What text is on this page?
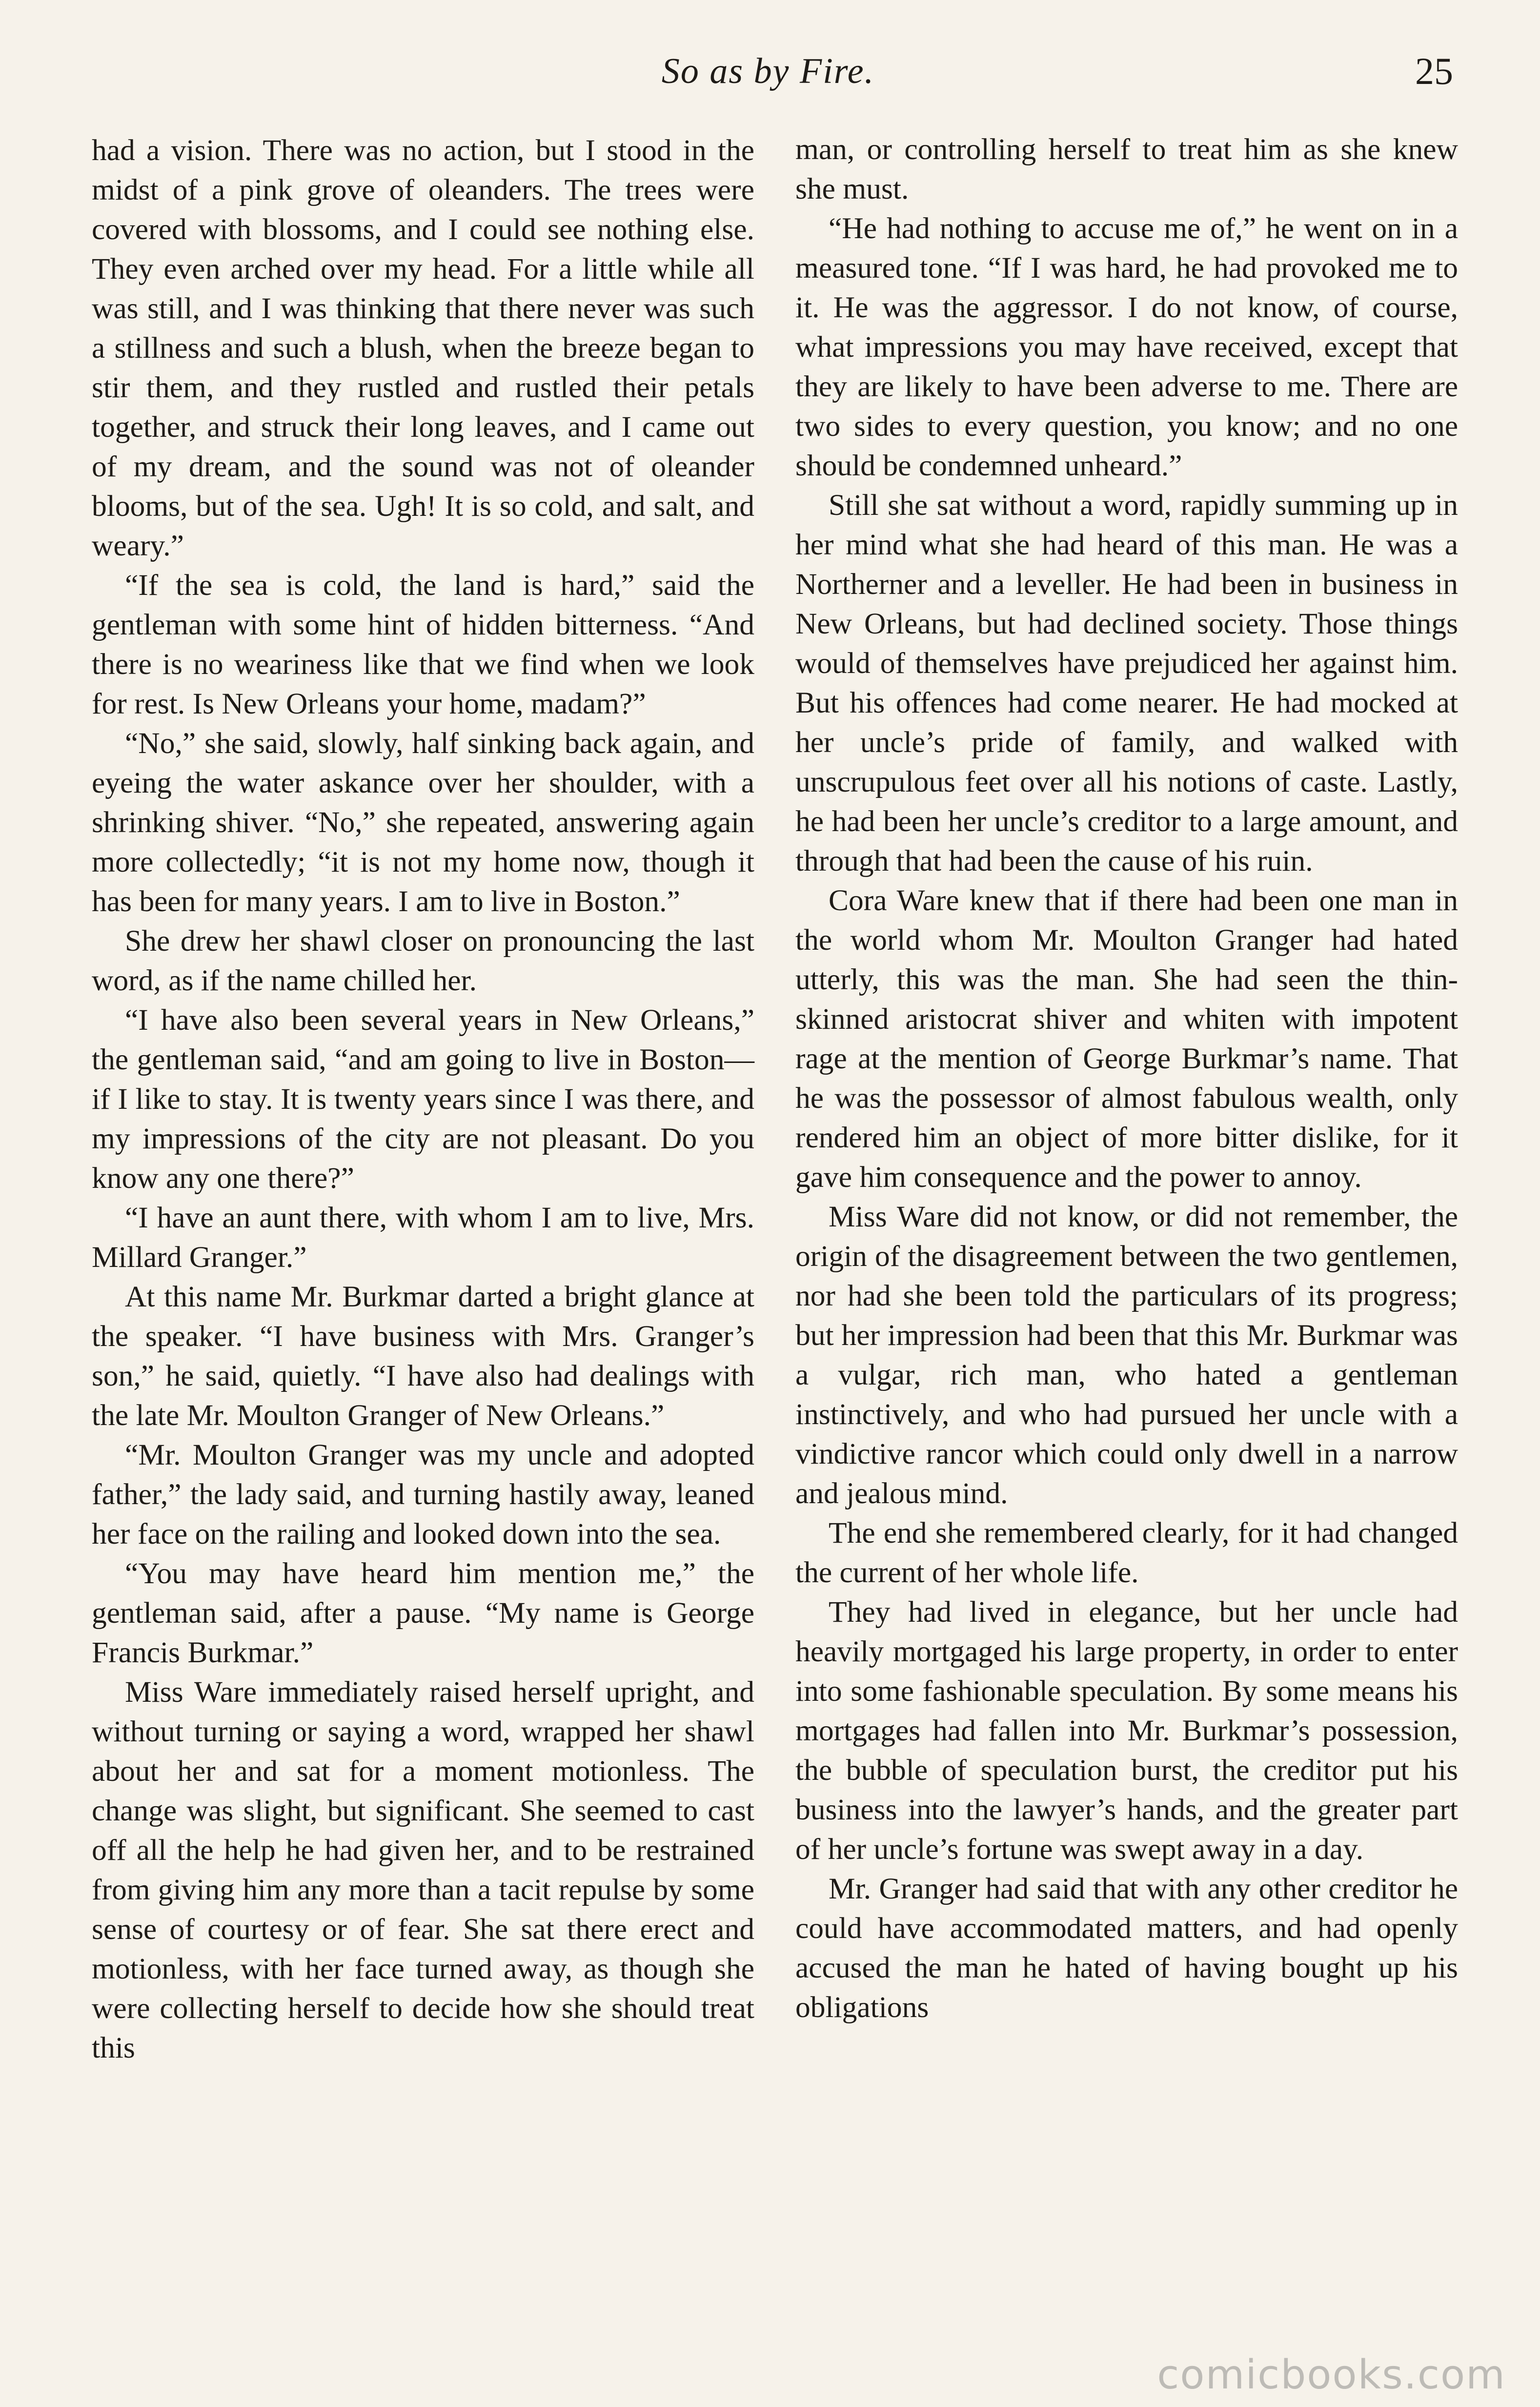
So as by Fire.	25

had a vision. There was no action, but I stood in the midst of a pink grove of oleanders. The trees were covered with blossoms, and I could see nothing else. They even arched over my head. For a little while all was still, and I was thinking that there never was such a stillness and such a blush, when the breeze began to stir them, and they rustled and rustled their petals together, and struck their long leaves, and I came out of my dream, and the sound was not of oleander blooms, but of the sea. Ugh! It is so cold, and salt, and weary.”

“If the sea is cold, the land is hard,” said the gentleman with some hint of hidden bitterness. “And there is no weariness like that we find when we look for rest. Is New Orleans your home, madam?”

“No,” she said, slowly, half sinking back again, and eyeing the water askance over her shoulder, with a shrinking shiver. “No,” she repeated, answering again more collectedly; “it is not my home now, though it has been for many years. I am to live in Boston.”

She drew her shawl closer on pronouncing the last word, as if the name chilled her.

“I have also been several years in New Orleans,” the gentleman said, “and am going to live in Boston—if I like to stay. It is twenty years since I was there, and my impressions of the city are not pleasant. Do you know any one there?”

“I have an aunt there, with whom I am to live, Mrs. Millard Granger.”

At this name Mr. Burkmar darted a bright glance at the speaker. “I have business with Mrs. Granger’s son,” he said, quietly. “I have also had dealings with the late Mr. Moulton Granger of New Orleans.”

“Mr. Moulton Granger was my uncle and adopted father,” the lady said, and turning hastily away, leaned her face on the railing and looked down into the sea.

“You may have heard him mention me,” the gentleman said, after a pause. “My name is George Francis Burkmar.”

Miss Ware immediately raised herself upright, and without turning or saying a word, wrapped her shawl about her and sat for a moment motionless. The change was slight, but significant. She seemed to cast off all the help he had given her, and to be restrained from giving him any more than a tacit repulse by some sense of courtesy or of fear. She sat there erect and motionless, with her face turned away, as though she were collecting herself to decide how she should treat this

man, or controlling herself to treat him as she knew she must.

“He had nothing to accuse me of,” he went on in a measured tone. “If I was hard, he had provoked me to it. He was the aggressor. I do not know, of course, what impressions you may have received, except that they are likely to have been adverse to me. There are two sides to every question, you know; and no one should be condemned unheard.”

Still she sat without a word, rapidly summing up in her mind what she had heard of this man. He was a Northerner and a leveller. He had been in business in New Orleans, but had declined society. Those things would of themselves have prejudiced her against him. But his offences had come nearer. He had mocked at her uncle’s pride of family, and walked with unscrupulous feet over all his notions of caste. Lastly, he had been her uncle’s creditor to a large amount, and through that had been the cause of his ruin.

Cora Ware knew that if there had been one man in the world whom Mr. Moulton Granger had hated utterly, this was the man. She had seen the thin-skinned aristocrat shiver and whiten with impotent rage at the mention of George Burkmar’s name. That he was the possessor of almost fabulous wealth, only rendered him an object of more bitter dislike, for it gave him consequence and the power to annoy.

Miss Ware did not know, or did not remember, the origin of the disagreement between the two gentlemen, nor had she been told the particulars of its progress; but her impression had been that this Mr. Burkmar was a vulgar, rich man, who hated a gentleman instinctively, and who had pursued her uncle with a vindictive rancor which could only dwell in a narrow and jealous mind.

The end she remembered clearly, for it had changed the current of her whole life.

They had lived in elegance, but her uncle had heavily mortgaged his large property, in order to enter into some fashionable speculation. By some means his mortgages had fallen into Mr. Burkmar’s possession, the bubble of speculation burst, the creditor put his business into the lawyer’s hands, and the greater part of her uncle’s fortune was swept away in a day.

Mr. Granger had said that with any other creditor he could have accommodated matters, and had openly accused the man he hated of having bought up his obligations

comicbooks.com
